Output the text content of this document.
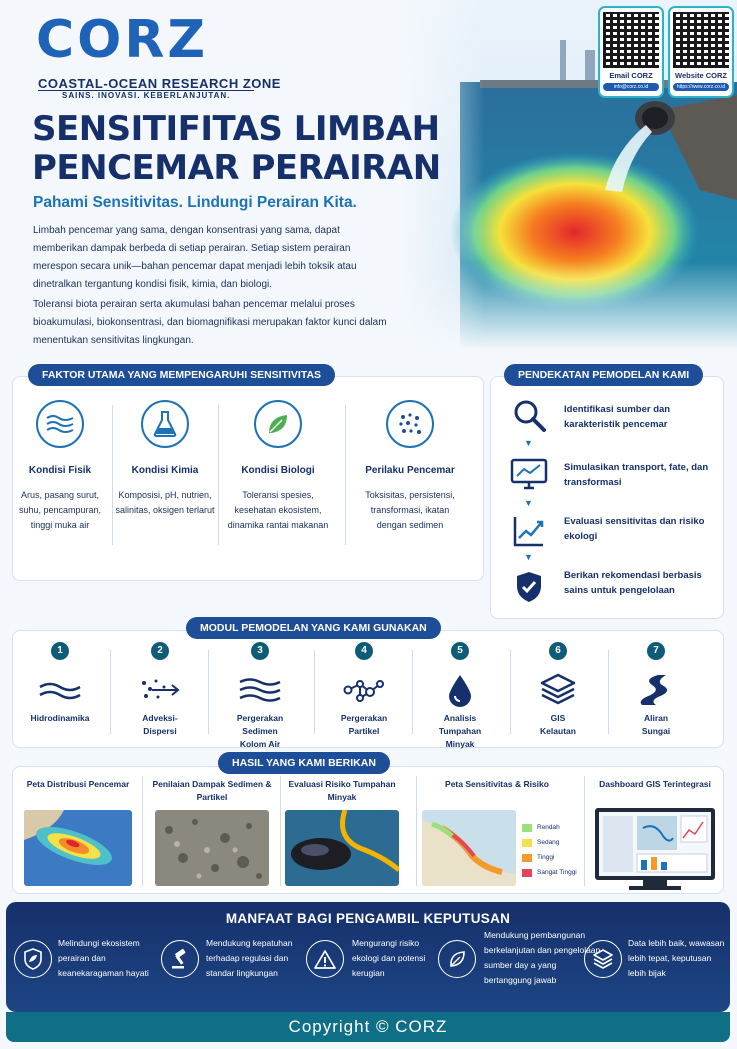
CORZ
COASTAL-OCEAN RESEARCH ZONE
SAINS. INOVASI. KEBERLANJUTAN.
Email CORZ
info@corz.co.id
Website CORZ
https://www.corz.co.id
SENSITIFITAS LIMBAH
PENCEMAR PERAIRAN
Pahami Sensitivitas. Lindungi Perairan Kita.
Limbah pencemar yang sama, dengan konsentrasi yang sama, dapat memberikan dampak berbeda di setiap perairan. Setiap sistem perairan merespon secara unik—bahan pencemar dapat menjadi lebih toksik atau dinetralkan tergantung kondisi fisik, kimia, dan biologi.
Toleransi biota perairan serta akumulasi bahan pencemar melalui proses bioakumulasi, biokonsentrasi, dan biomagnifikasi merupakan faktor kunci dalam menentukan sensitivitas lingkungan.
FAKTOR UTAMA YANG MEMPENGARUHI SENSITIVITAS
Kondisi Fisik
Arus, pasang surut, suhu, pencampuran, tinggi muka air
Kondisi Kimia
Komposisi, pH, nutrien, salinitas, oksigen terlarut
Kondisi Biologi
Toleransi spesies, kesehatan ekosistem, dinamika rantai makanan
Perilaku Pencemar
Toksisitas, persistensi, transformasi, ikatan dengan sedimen
PENDEKATAN PEMODELAN KAMI
Identifikasi sumber dan karakteristik pencemar
▼
Simulasikan transport, fate, dan transformasi
▼
Evaluasi sensitivitas dan risiko ekologi
▼
Berikan rekomendasi berbasis sains untuk pengelolaan
MODUL PEMODELAN YANG KAMI GUNAKAN
1
Hidrodinamika
2
Adveksi-Dispersi
3
Pergerakan Sedimen Kolom Air
4
Pergerakan Partikel
5
Analisis Tumpahan Minyak
6
GIS Kelautan
7
Aliran Sungai
HASIL YANG KAMI BERIKAN
Peta Distribusi Pencemar	Penilaian Dampak Sedimen & Partikel
Evaluasi Risiko Tumpahan Minyak
Peta Sensitivitas & Risiko
Rendah
Sedang
Tinggi
Sangat Tinggi
Dashboard GIS Terintegrasi
MANFAAT BAGI PENGAMBIL KEPUTUSAN
Melindungi ekosistem perairan dan keanekaragaman hayati
Mendukung kepatuhan terhadap regulasi dan standar lingkungan
Mengurangi risiko ekologi dan potensi kerugian
Mendukung pembangunan berkelanjutan dan pengelolaan sumber day a yang bertanggung jawab
Data lebih baik, wawasan lebih tepat, keputusan lebih bijak
Copyright © CORZ
